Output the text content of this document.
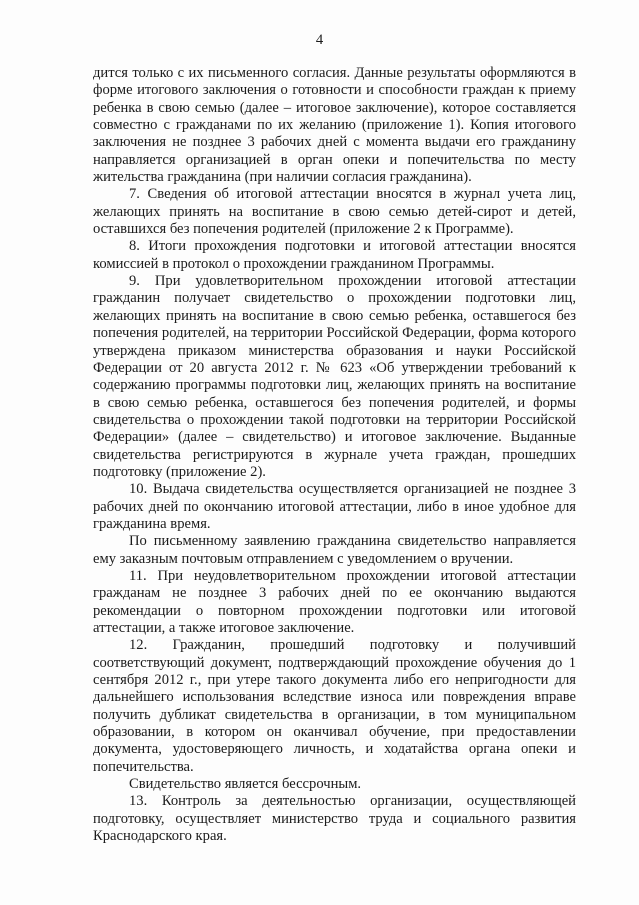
4

дится только с их письменного согласия. Данные результаты оформляются в форме итогового заключения о готовности и способности граждан к приему ребенка в свою семью (далее – итоговое заключение), которое составляется совместно с гражданами по их желанию (приложение 1). Копия итогового заключения не позднее 3 рабочих дней с момента выдачи его гражданину направляется организацией в орган опеки и попечительства по месту жительства гражданина (при наличии согласия гражданина).

7. Сведения об итоговой аттестации вносятся в журнал учета лиц, желающих принять на воспитание в свою семью детей-сирот и детей, оставшихся без попечения родителей (приложение 2 к Программе).

8. Итоги прохождения подготовки и итоговой аттестации вносятся комиссией в протокол о прохождении гражданином Программы.

9. При удовлетворительном прохождении итоговой аттестации гражданин получает свидетельство о прохождении подготовки лиц, желающих принять на воспитание в свою семью ребенка, оставшегося без попечения родителей, на территории Российской Федерации, форма которого утверждена приказом министерства образования и науки Российской Федерации от 20 августа 2012 г. № 623 «Об утверждении требований к содержанию программы подготовки лиц, желающих принять на воспитание в свою семью ребенка, оставшегося без попечения родителей, и формы свидетельства о прохождении такой подготовки на территории Российской Федерации» (далее – свидетельство) и итоговое заключение. Выданные свидетельства регистрируются в журнале учета граждан, прошедших подготовку (приложение 2).

10. Выдача свидетельства осуществляется организацией не позднее 3 рабочих дней по окончанию итоговой аттестации, либо в иное удобное для гражданина время.

По письменному заявлению гражданина свидетельство направляется ему заказным почтовым отправлением с уведомлением о вручении.

11. При неудовлетворительном прохождении итоговой аттестации гражданам не позднее 3 рабочих дней по ее окончанию выдаются рекомендации о повторном прохождении подготовки или итоговой аттестации, а также итоговое заключение.

12. Гражданин, прошедший подготовку и получивший соответствующий документ, подтверждающий прохождение обучения до 1 сентября 2012 г., при утере такого документа либо его непригодности для дальнейшего использования вследствие износа или повреждения вправе получить дубликат свидетельства в организации, в том муниципальном образовании, в котором он оканчивал обучение, при предоставлении документа, удостоверяющего личность, и ходатайства органа опеки и попечительства.

Свидетельство является бессрочным.

13. Контроль за деятельностью организации, осуществляющей подготовку, осуществляет министерство труда и социального развития Краснодарского края.
